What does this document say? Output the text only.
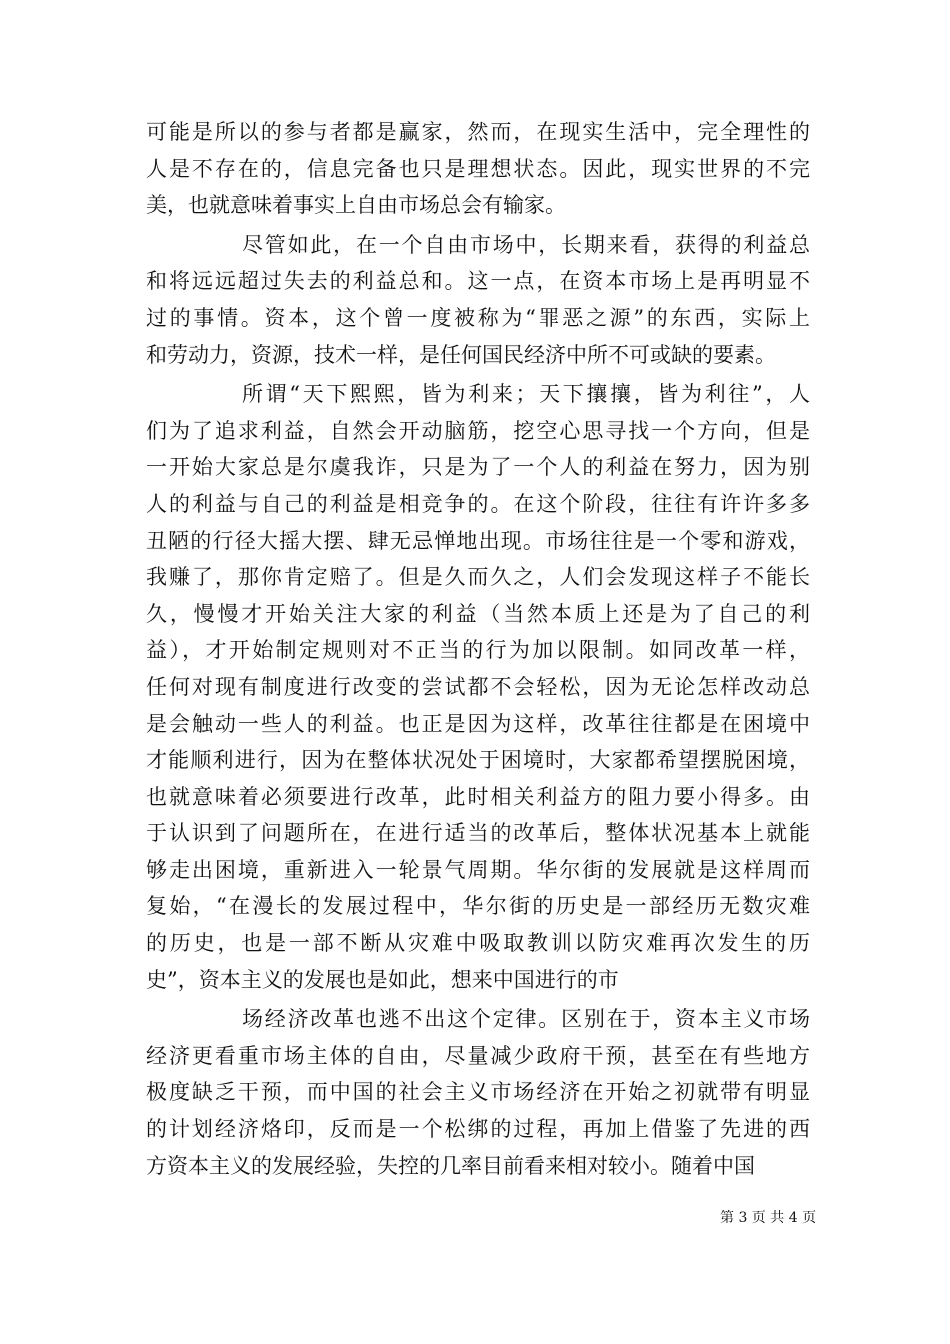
可能是所以的参与者都是赢家，然而，在现实生活中，完全理性的
人是不存在的，信息完备也只是理想状态。因此，现实世界的不完
美，也就意味着事实上自由市场总会有输家。
尽管如此，在一个自由市场中，长期来看，获得的利益总
和将远远超过失去的利益总和。这一点，在资本市场上是再明显不
过的事情。资本，这个曾一度被称为“罪恶之源”的东西，实际上
和劳动力，资源，技术一样，是任何国民经济中所不可或缺的要素。
所谓“天下熙熙，皆为利来；天下攘攘，皆为利往”，人
们为了追求利益，自然会开动脑筋，挖空心思寻找一个方向，但是
一开始大家总是尔虞我诈，只是为了一个人的利益在努力，因为别
人的利益与自己的利益是相竞争的。在这个阶段，往往有许许多多
丑陋的行径大摇大摆、肆无忌惮地出现。市场往往是一个零和游戏，
我赚了，那你肯定赔了。但是久而久之，人们会发现这样子不能长
久，慢慢才开始关注大家的利益（当然本质上还是为了自己的利
益），才开始制定规则对不正当的行为加以限制。如同改革一样，
任何对现有制度进行改变的尝试都不会轻松，因为无论怎样改动总
是会触动一些人的利益。也正是因为这样，改革往往都是在困境中
才能顺利进行，因为在整体状况处于困境时，大家都希望摆脱困境，
也就意味着必须要进行改革，此时相关利益方的阻力要小得多。由
于认识到了问题所在，在进行适当的改革后，整体状况基本上就能
够走出困境，重新进入一轮景气周期。华尔街的发展就是这样周而
复始，“在漫长的发展过程中，华尔街的历史是一部经历无数灾难
的历史，也是一部不断从灾难中吸取教训以防灾难再次发生的历
史”，资本主义的发展也是如此，想来中国进行的市
场经济改革也逃不出这个定律。区别在于，资本主义市场
经济更看重市场主体的自由，尽量减少政府干预，甚至在有些地方
极度缺乏干预，而中国的社会主义市场经济在开始之初就带有明显
的计划经济烙印，反而是一个松绑的过程，再加上借鉴了先进的西
方资本主义的发展经验，失控的几率目前看来相对较小。随着中国
第 3 页 共 4 页
